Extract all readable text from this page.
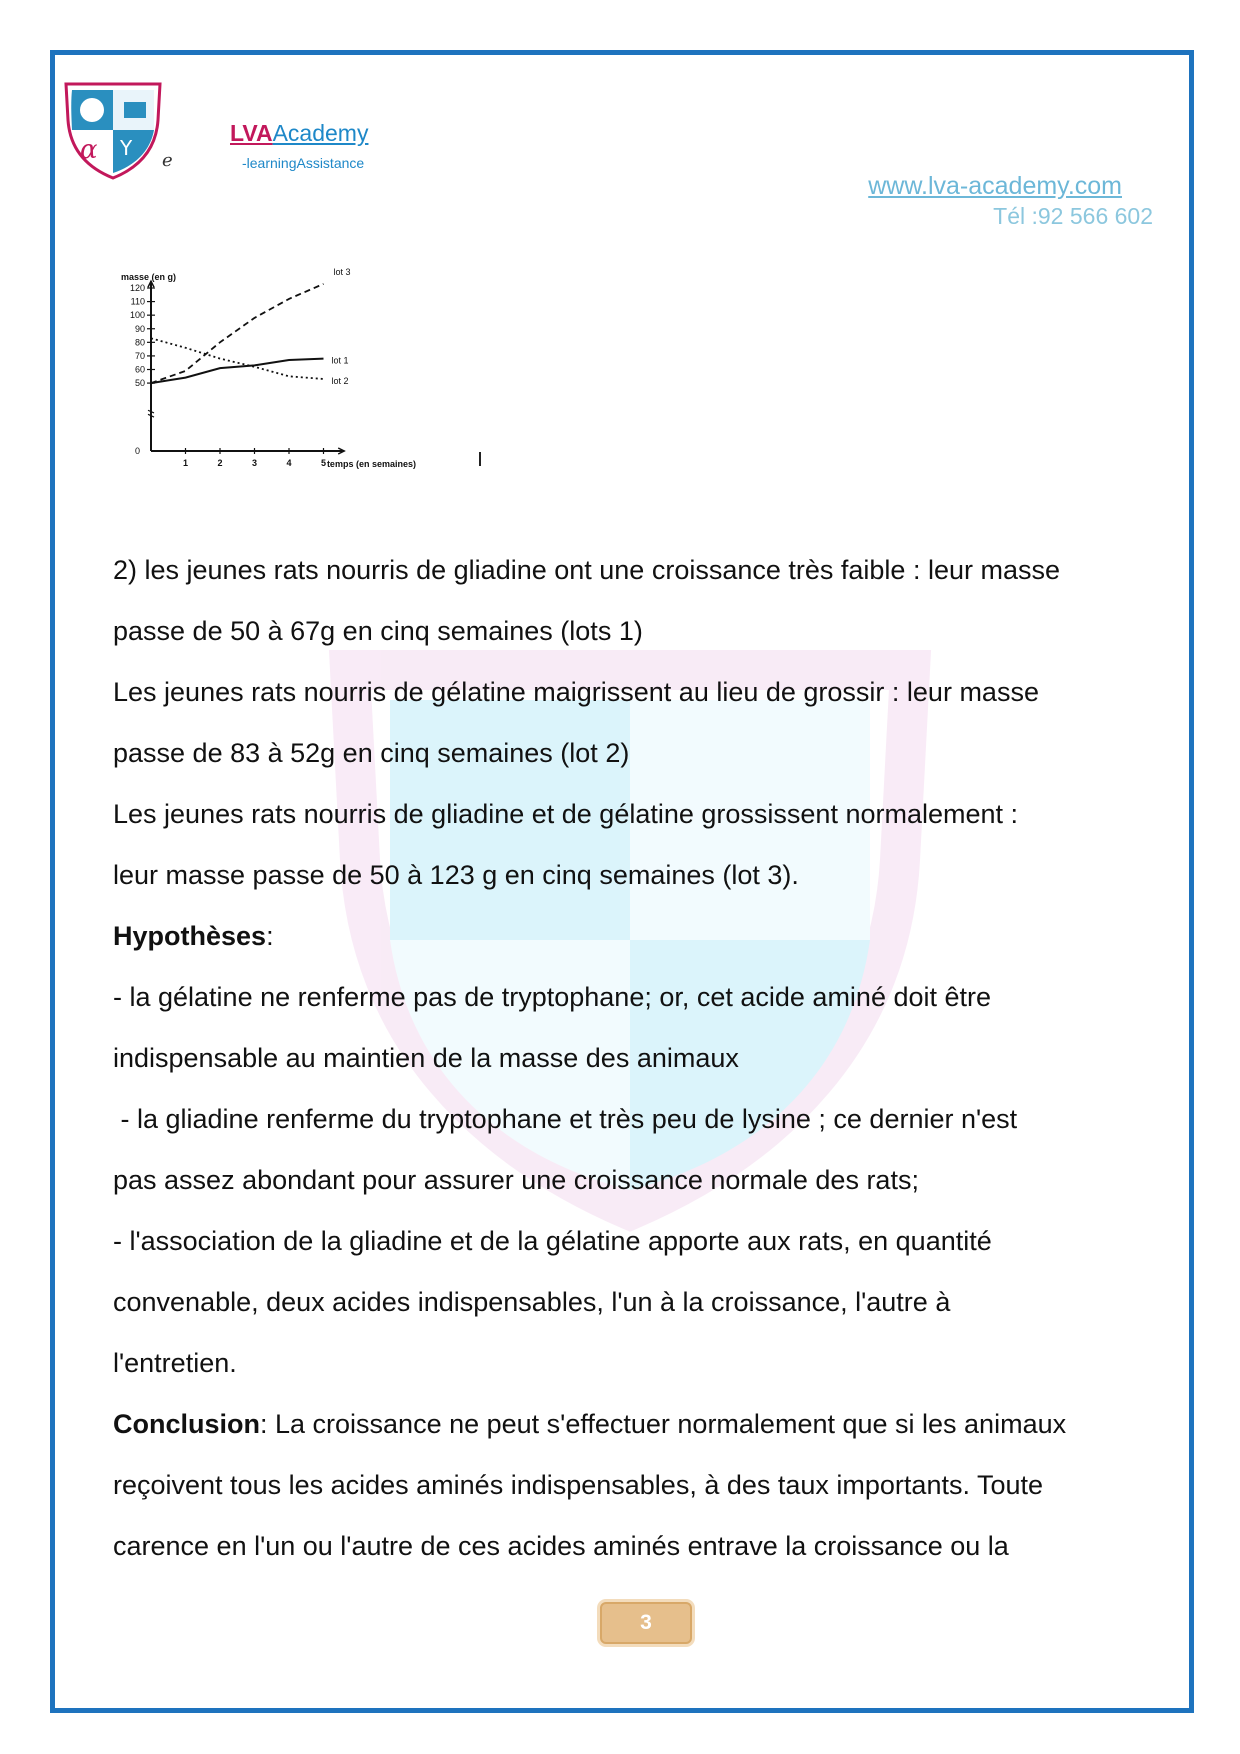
α Y
e
LVAAcademy
-learningAssistance
www.lva-academy.com
Tél :92 566 602
50
60
70
80
90
100
110
120
1	2	3	4	5
0
masse (en g)
temps (en semaines)
lot 1
lot 2
lot 3

2) les jeunes rats nourris de gliadine ont une croissance très faible : leur masse

passe de 50 à 67g en cinq semaines (lots 1)

Les jeunes rats nourris de gélatine maigrissent au lieu de grossir : leur masse

passe de 83 à 52g en cinq semaines (lot 2)

Les jeunes rats nourris de gliadine et de gélatine grossissent normalement :

leur masse passe de 50 à 123 g en cinq semaines (lot 3).

Hypothèses:

- la gélatine ne renferme pas de tryptophane; or, cet acide aminé doit être

indispensable au maintien de la masse des animaux

- la gliadine renferme du tryptophane et très peu de lysine ; ce dernier n'est

pas assez abondant pour assurer une croissance normale des rats;

- l'association de la gliadine et de la gélatine apporte aux rats, en quantité

convenable, deux acides indispensables, l'un à la croissance, l'autre à

l'entretien.

Conclusion: La croissance ne peut s'effectuer normalement que si les animaux

reçoivent tous les acides aminés indispensables, à des taux importants. Toute

carence en l'un ou l'autre de ces acides aminés entrave la croissance ou la

3
